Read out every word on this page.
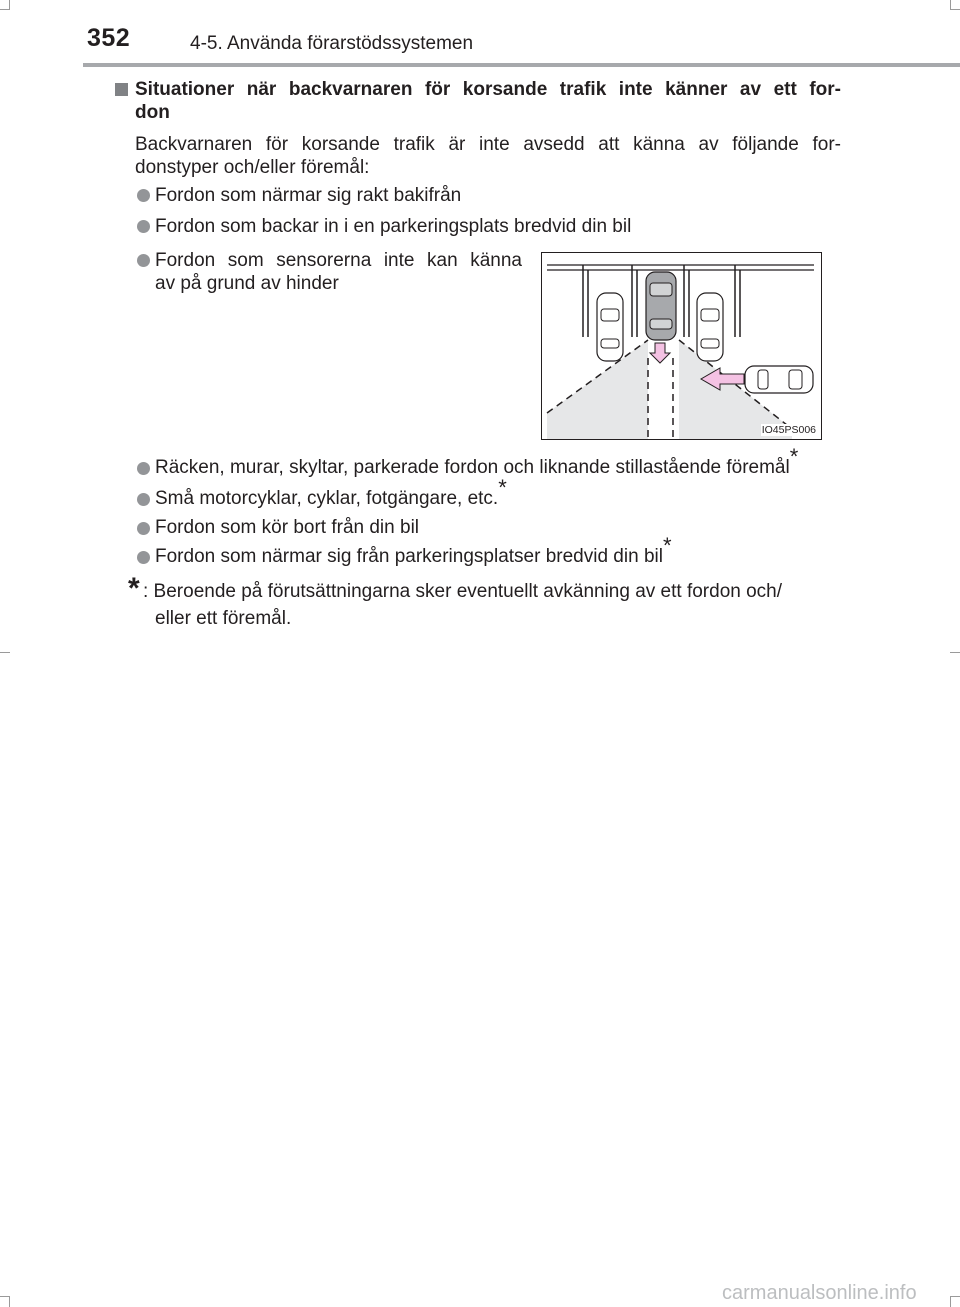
352	4-5. Använda förarstödssystemen
Situationer när backvarnaren för korsande trafik inte känner av ett for-
don
Backvarnaren för korsande trafik är inte avsedd att känna av följande for-
donstyper och/eller föremål:
Fordon som närmar sig rakt bakifrån
Fordon som backar in i en parkeringsplats bredvid din bil
Fordon som sensorerna inte kan känna
av på grund av hinder
IO45PS006
Räcken, murar, skyltar, parkerade fordon och liknande stillastående föremål*
Små motorcyklar, cyklar, fotgängare, etc.*
Fordon som kör bort från din bil
Fordon som närmar sig från parkeringsplatser bredvid din bil*
* : Beroende på förutsättningarna sker eventuellt avkänning av ett fordon och/
eller ett föremål.
carmanualsonline.info
